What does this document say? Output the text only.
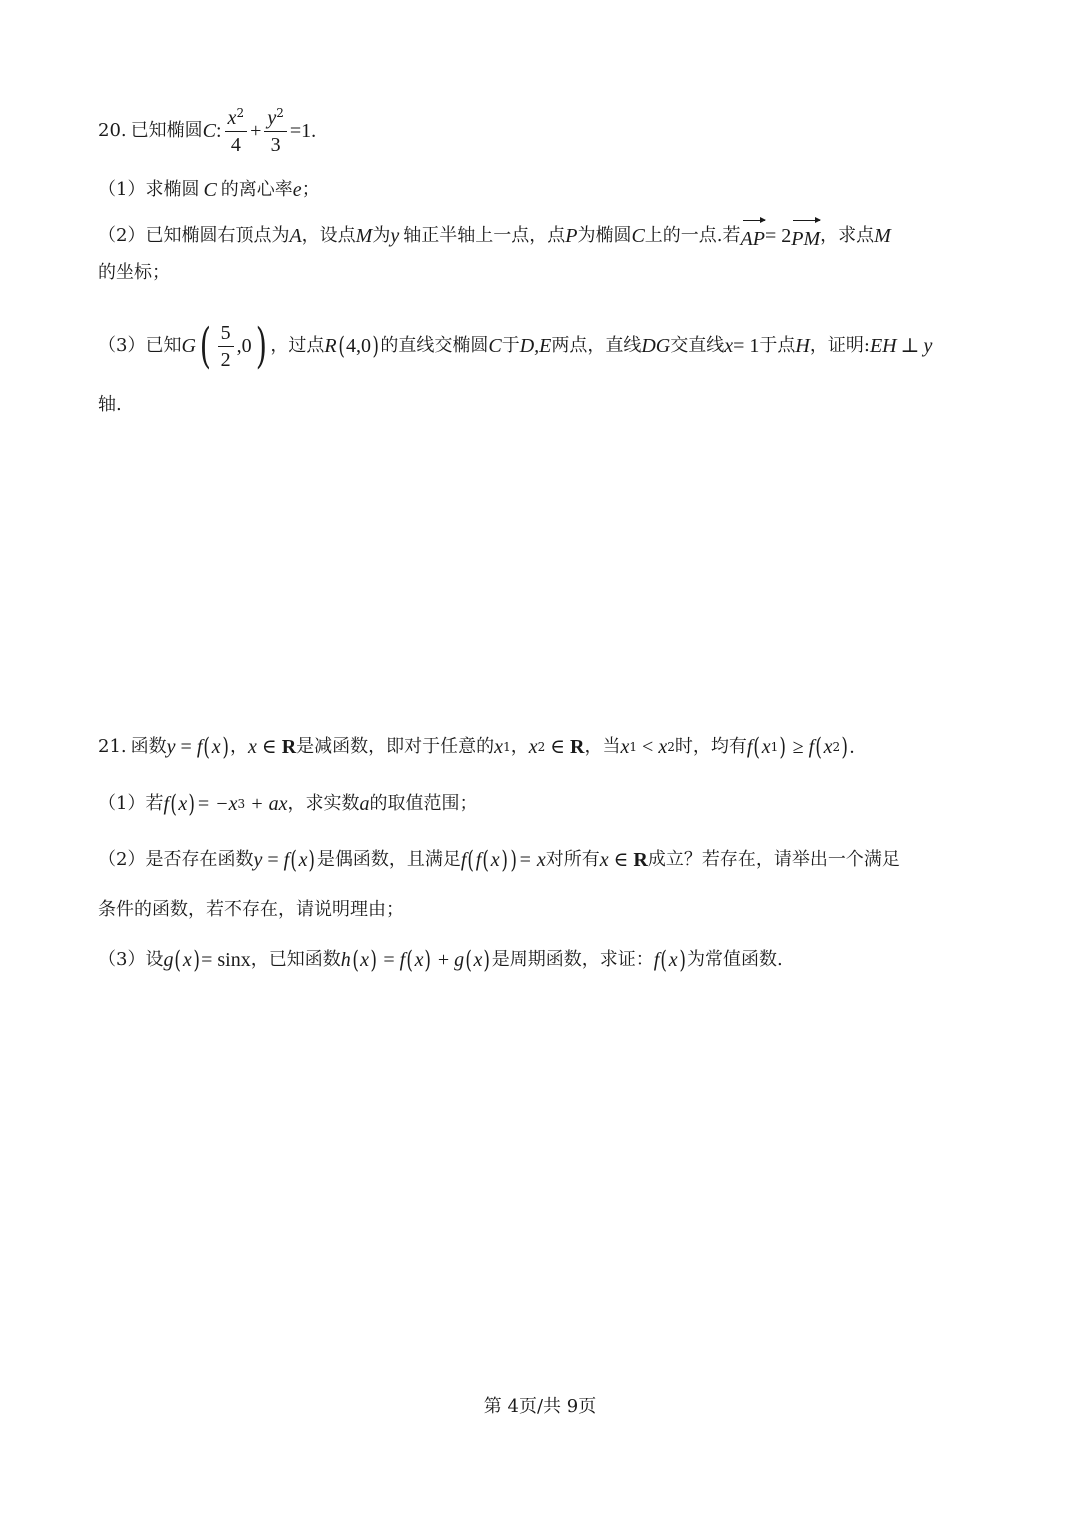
20. 已知椭圆 C : $\frac{x^2}{4} + \frac{y^2}{3} =1$ .
（1） 求椭圆 C 的离心率 e ；
（2） 已知椭圆右顶点为 A ，设点 M 为 y 轴正半轴上一点，点 P 为椭圆 C 上的一点.若 AP = 2 PM ，求点 M
的坐标；
（3） 已知 G ( $\frac{5}{2} ,0$ ) ，过点 R ( 4,0 ) 的直线交椭圆 C 于 D,E 两点，直线 DG 交直线 x = 1 于点 H ，证明: EH ⊥ y
轴.
21. 函数 y = f ( x ) ， x
∈
R 是减函数，即对于任意的 x 1 ， x 2
∈
R ，当 x 1
<
x 2 时，均有 f ( x 1 )
≥
f ( x 2 ) .
（1） 若 f ( x ) = −x 3
+ ax ，求实数 a 的取值范围；
（2） 是否存在函数 y = f ( x ) 是偶函数，且满足 f ( f ( x ) ) = x 对所有 x
∈
R 成立？若存在，请举出一个满足
条件的函数，若不存在，请说明理由；
（3） 设 g ( x ) = sinx ，已知函数 h ( x ) = f ( x )
+
g ( x ) 是周期函数，求证： f ( x ) 为常值函数.
第 4页/共 9页
